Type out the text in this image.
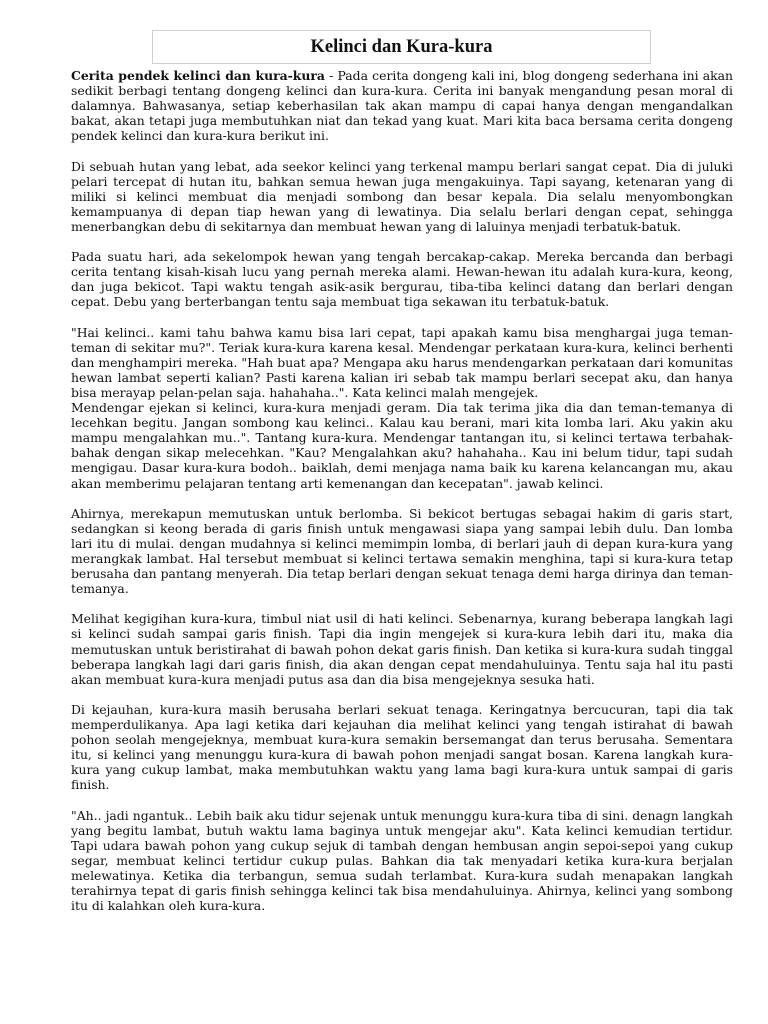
Kelinci dan Kura-kura

Cerita pendek kelinci dan kura-kura - Pada cerita dongeng kali ini, blog dongeng sederhana ini akan sedikit berbagi tentang dongeng kelinci dan kura-kura. Cerita ini banyak mengandung pesan moral di dalamnya. Bahwasanya, setiap keberhasilan tak akan mampu di capai hanya dengan mengandalkan bakat, akan tetapi juga membutuhkan niat dan tekad yang kuat. Mari kita baca bersama cerita dongeng pendek kelinci dan kura-kura berikut ini.

Di sebuah hutan yang lebat, ada seekor kelinci yang terkenal mampu berlari sangat cepat. Dia di juluki pelari tercepat di hutan itu, bahkan semua hewan juga mengakuinya. Tapi sayang, ketenaran yang di miliki si kelinci membuat dia menjadi sombong dan besar kepala. Dia selalu menyombongkan kemampuanya di depan tiap hewan yang di lewatinya. Dia selalu berlari dengan cepat, sehingga menerbangkan debu di sekitarnya dan membuat hewan yang di laluinya menjadi terbatuk-batuk.

Pada suatu hari, ada sekelompok hewan yang tengah bercakap-cakap. Mereka bercanda dan berbagi cerita tentang kisah-kisah lucu yang pernah mereka alami. Hewan-hewan itu adalah kura-kura, keong, dan juga bekicot. Tapi waktu tengah asik-asik bergurau, tiba-tiba kelinci datang dan berlari dengan cepat. Debu yang berterbangan tentu saja membuat tiga sekawan itu terbatuk-batuk.

"Hai kelinci.. kami tahu bahwa kamu bisa lari cepat, tapi apakah kamu bisa menghargai juga teman-teman di sekitar mu?". Teriak kura-kura karena kesal. Mendengar perkataan kura-kura, kelinci berhenti dan menghampiri mereka. "Hah buat apa? Mengapa aku harus mendengarkan perkataan dari komunitas hewan lambat seperti kalian? Pasti karena kalian iri sebab tak mampu berlari secepat aku, dan hanya bisa merayap pelan-pelan saja. hahahaha..". Kata kelinci malah mengejek.

Mendengar ejekan si kelinci, kura-kura menjadi geram. Dia tak terima jika dia dan teman-temanya di lecehkan begitu. Jangan sombong kau kelinci.. Kalau kau berani, mari kita lomba lari. Aku yakin aku mampu mengalahkan mu..". Tantang kura-kura. Mendengar tantangan itu, si kelinci tertawa terbahak-bahak dengan sikap melecehkan. "Kau? Mengalahkan aku? hahahaha.. Kau ini belum tidur, tapi sudah mengigau. Dasar kura-kura bodoh.. baiklah, demi menjaga nama baik ku karena kelancangan mu, akau akan memberimu pelajaran tentang arti kemenangan dan kecepatan". jawab kelinci.

Ahirnya, merekapun memutuskan untuk berlomba. Si bekicot bertugas sebagai hakim di garis start, sedangkan si keong berada di garis finish untuk mengawasi siapa yang sampai lebih dulu. Dan lomba lari itu di mulai. dengan mudahnya si kelinci memimpin lomba, di berlari jauh di depan kura-kura yang merangkak lambat. Hal tersebut membuat si kelinci tertawa semakin menghina, tapi si kura-kura tetap berusaha dan pantang menyerah. Dia tetap berlari dengan sekuat tenaga demi harga dirinya dan teman-temanya.

Melihat kegigihan kura-kura, timbul niat usil di hati kelinci. Sebenarnya, kurang beberapa langkah lagi si kelinci sudah sampai garis finish. Tapi dia ingin mengejek si kura-kura lebih dari itu, maka dia memutuskan untuk beristirahat di bawah pohon dekat garis finish. Dan ketika si kura-kura sudah tinggal beberapa langkah lagi dari garis finish, dia akan dengan cepat mendahuluinya. Tentu saja hal itu pasti akan membuat kura-kura menjadi putus asa dan dia bisa mengejeknya sesuka hati.

Di kejauhan, kura-kura masih berusaha berlari sekuat tenaga. Keringatnya bercucuran, tapi dia tak memperdulikanya. Apa lagi ketika dari kejauhan dia melihat kelinci yang tengah istirahat di bawah pohon seolah mengejeknya, membuat kura-kura semakin bersemangat dan terus berusaha. Sementara itu, si kelinci yang menunggu kura-kura di bawah pohon menjadi sangat bosan. Karena langkah kura-kura yang cukup lambat, maka membutuhkan waktu yang lama bagi kura-kura untuk sampai di garis finish.

"Ah.. jadi ngantuk.. Lebih baik aku tidur sejenak untuk menunggu kura-kura tiba di sini. denagn langkah yang begitu lambat, butuh waktu lama baginya untuk mengejar aku". Kata kelinci kemudian tertidur. Tapi udara bawah pohon yang cukup sejuk di tambah dengan hembusan angin sepoi-sepoi yang cukup segar, membuat kelinci tertidur cukup pulas. Bahkan dia tak menyadari ketika kura-kura berjalan melewatinya. Ketika dia terbangun, semua sudah terlambat. Kura-kura sudah menapakan langkah terahirnya tepat di garis finish sehingga kelinci tak bisa mendahuluinya. Ahirnya, kelinci yang sombong itu di kalahkan oleh kura-kura.
